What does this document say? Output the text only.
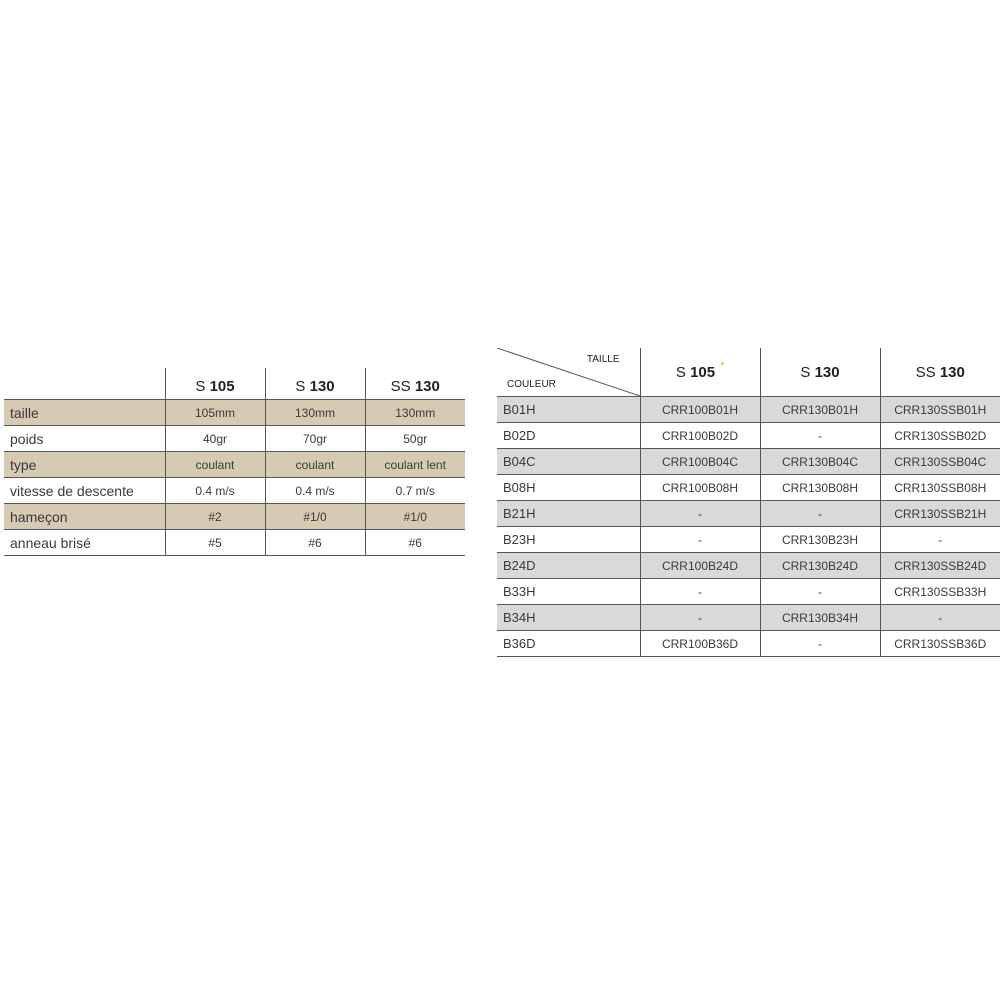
	S 105	S 130	SS 130
taille	105mm	130mm	130mm
poids	40gr	70gr	50gr
type	coulant	coulant	coulant lent
vitesse de descente	0.4 m/s	0.4 m/s	0.7 m/s
hameçon	#2	#1/0	#1/0
anneau brisé	#5	#6	#6
TAILLE
COULEUR	S 105	S 130	SS 130
B01H	CRR100B01H	CRR130B01H	CRR130SSB01H
B02D	CRR100B02D	-	CRR130SSB02D
B04C	CRR100B04C	CRR130B04C	CRR130SSB04C
B08H	CRR100B08H	CRR130B08H	CRR130SSB08H
B21H	-	-	CRR130SSB21H
B23H	-	CRR130B23H	-
B24D	CRR100B24D	CRR130B24D	CRR130SSB24D
B33H	-	-	CRR130SSB33H
B34H	-	CRR130B34H	-
B36D	CRR100B36D	-	CRR130SSB36D
